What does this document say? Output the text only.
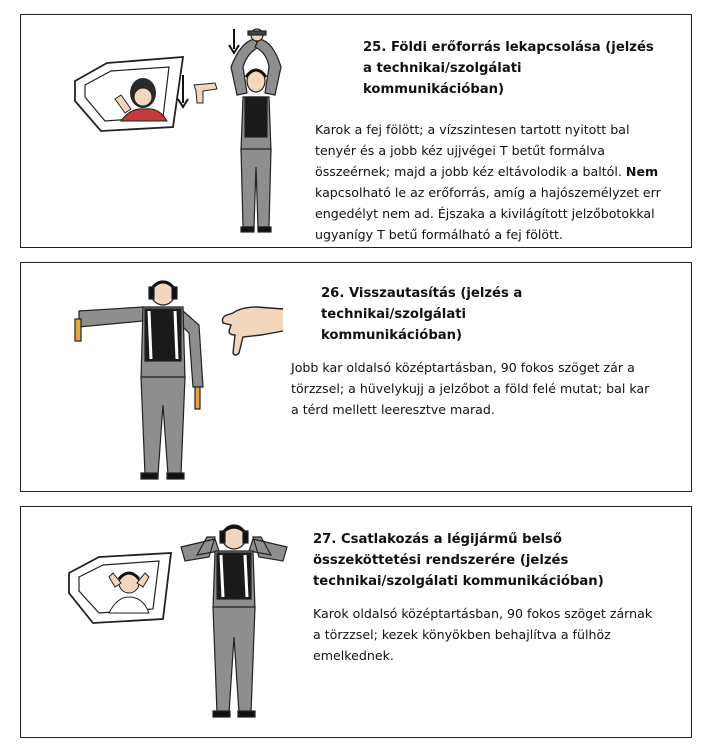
25. Földi erőforrás lekapcsolása (jelzés a technikai/szolgálati kommunikációban)

Karok a fej fölött; a vízszintesen tartott nyitott bal tenyér és a jobb kéz ujjvégei T betűt formálva összeérnek; majd a jobb kéz eltávolodik a baltól. Nem kapcsolható le az erőforrás, amíg a hajószemélyzet err engedélyt nem ad. Éjszaka a kivilágított jelzőbotokkal ugyanígy T betű formálható a fej fölött.

26. Visszautasítás (jelzés a technikai/szolgálati kommunikációban)

Jobb kar oldalsó középtartásban, 90 fokos szöget zár a törzzsel; a hüvelykujj a jelzőbot a föld felé mutat; bal kar a térd mellett leeresztve marad.

27. Csatlakozás a légijármű belső összeköttetési rendszerére (jelzés technikai/szolgálati kommunikációban)

Karok oldalsó középtartásban, 90 fokos szöget zárnak a törzzsel; kezek könyökben behajlítva a fülhöz emelkednek.
